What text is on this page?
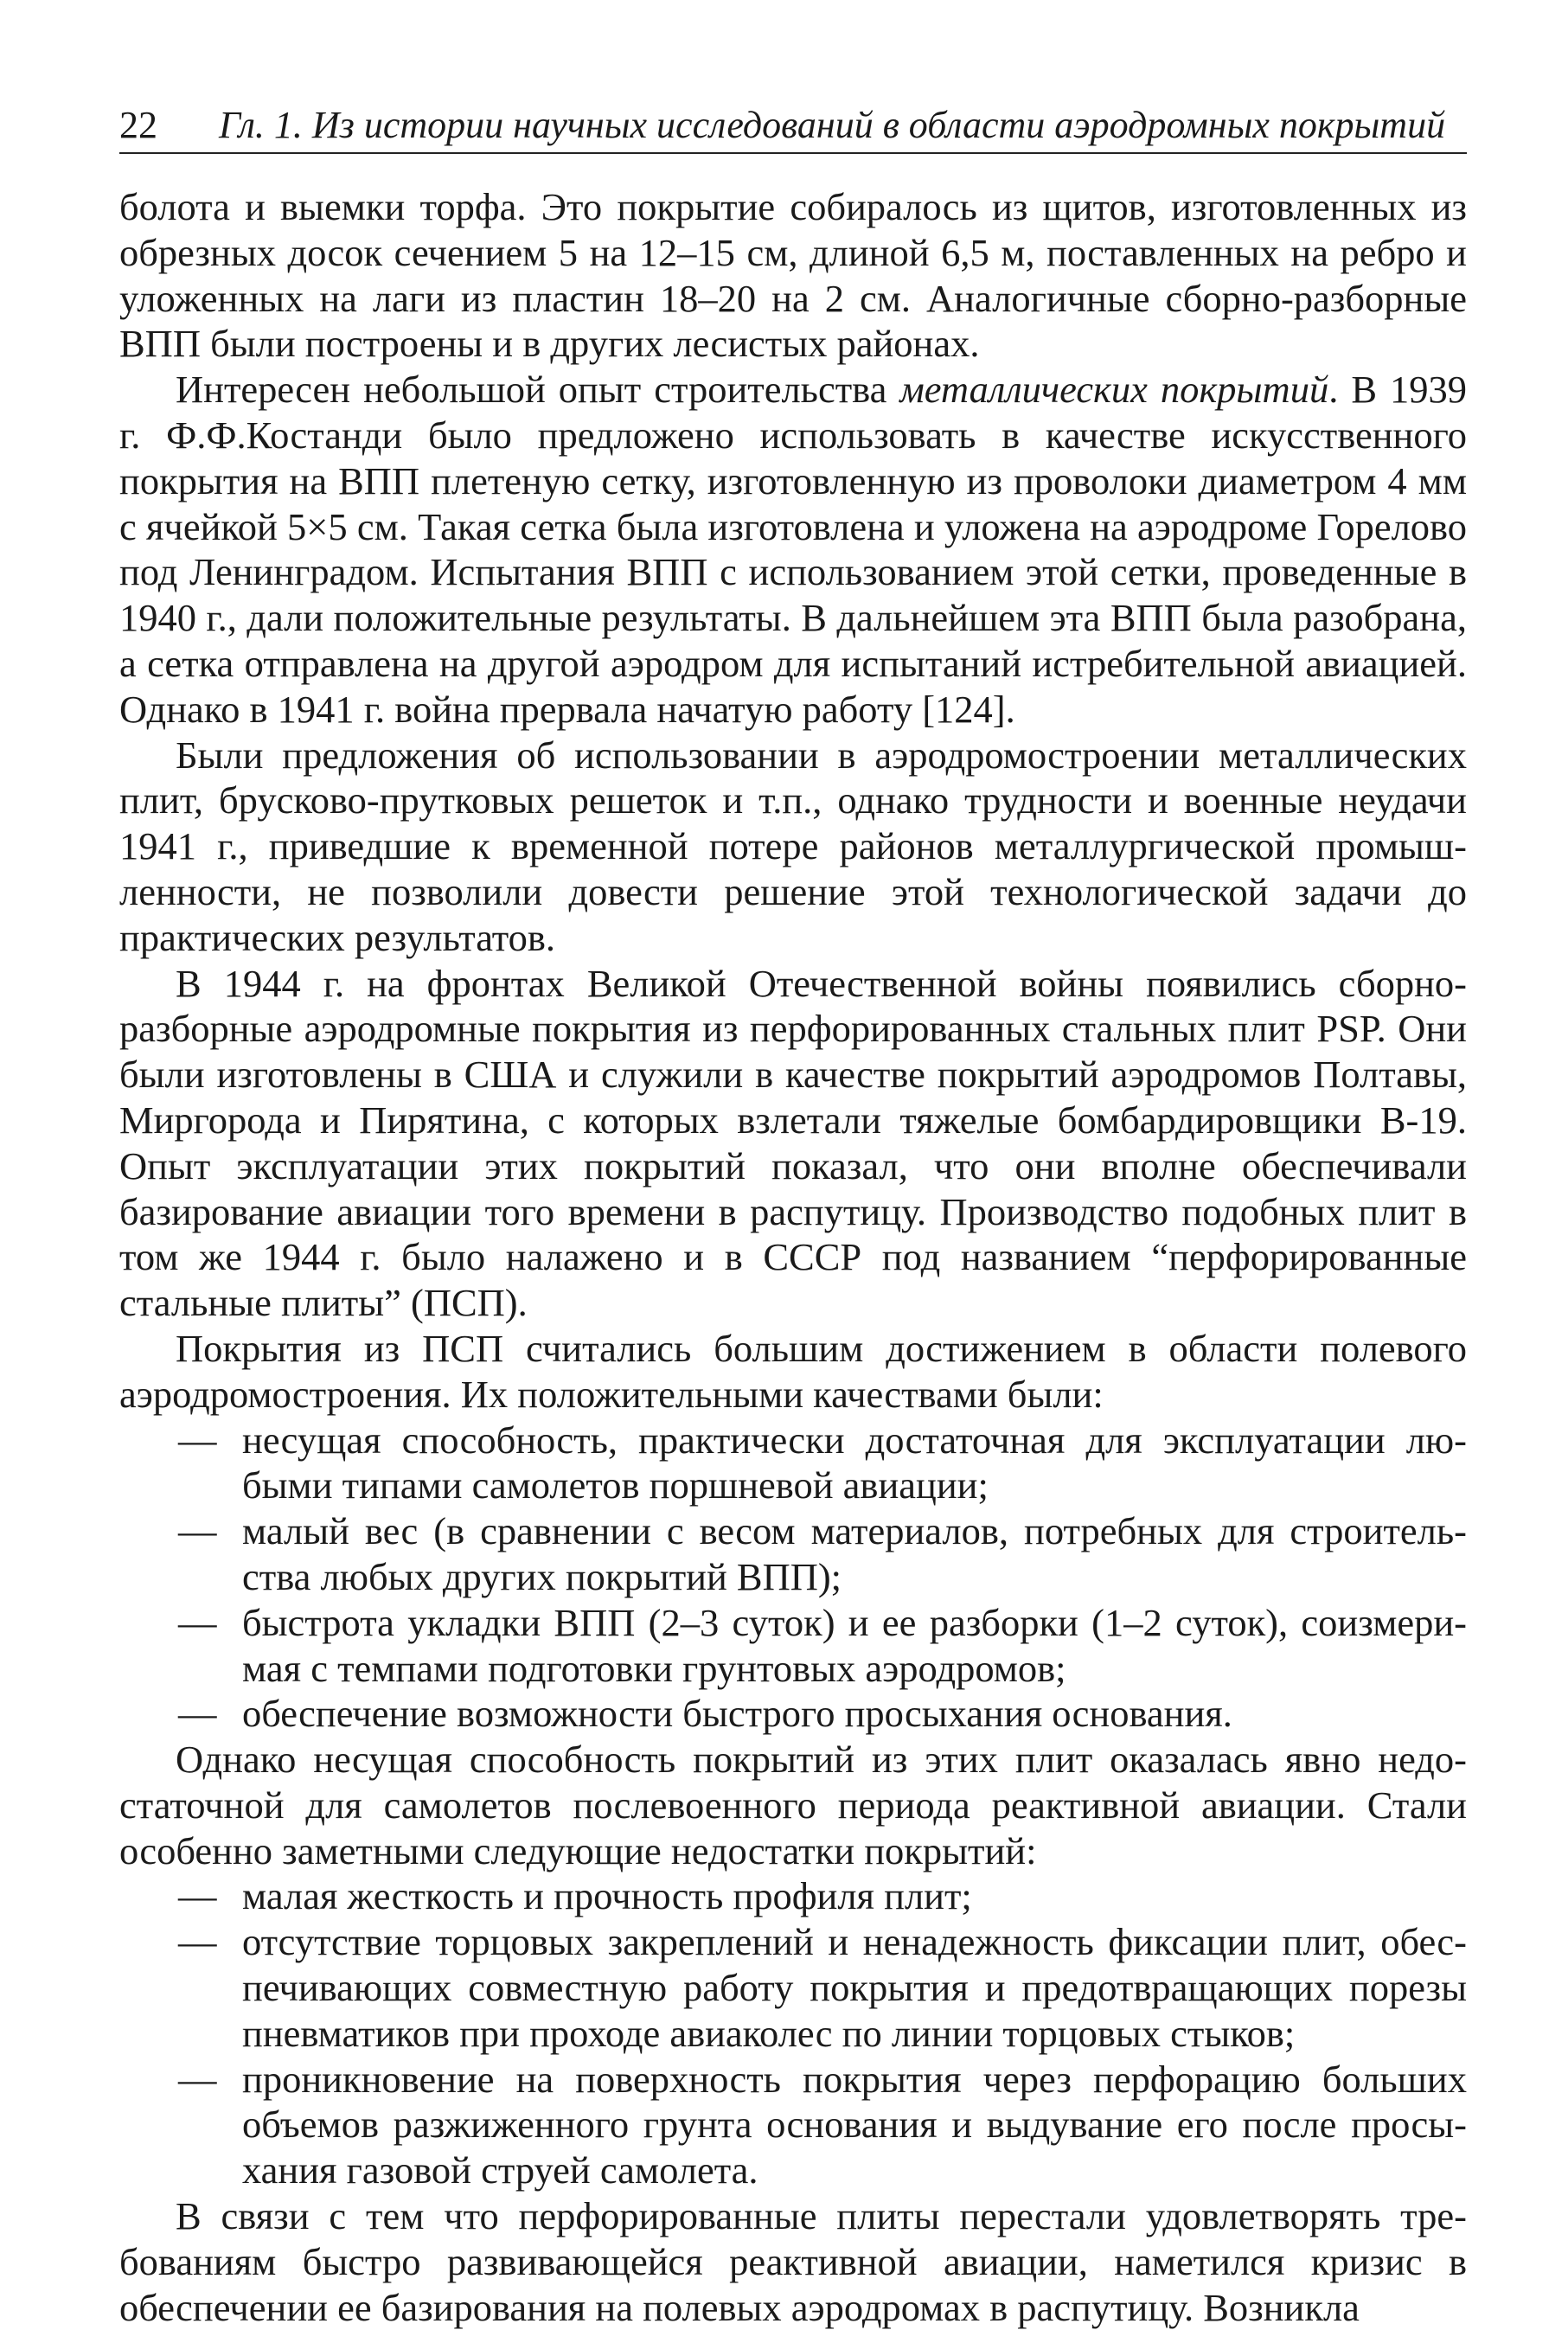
22 Гл. 1. Из истории научных исследований в области аэродромных покрытий

болота и выемки торфа. Это покрытие собиралось из щитов, изготовленных из обрезных досок сечением 5 на 12–15 см, длиной 6,5 м, поставленных на ребро и уложенных на лаги из пластин 18–20 на 2 см. Аналогичные сборно-разборные ВПП были построены и в других лесистых районах.

Интересен небольшой опыт строительства металлических покрытий. В 1939 г. Ф.Ф.Костанди было предложено использовать в качестве искусственного покрытия на ВПП плетеную сетку, изготовленную из проволоки диаметром 4 мм с ячейкой 5×5 см. Такая сетка была изготовлена и уложена на аэродроме Горелово под Ленинградом. Испытания ВПП с использованием этой сетки, проведенные в 1940 г., дали положительные результаты. В дальнейшем эта ВПП была разобрана, а сетка отправлена на другой аэродром для испытаний истребительной авиацией. Однако в 1941 г. война прервала начатую работу [124].

Были предложения об использовании в аэродромостроении металлических плит, брусково-прутковых решеток и т.п., однако трудности и военные неудачи 1941 г., приведшие к временной потере районов металлургической промышленности, не позволили довести решение этой технологической задачи до практических результатов.

В 1944 г. на фронтах Великой Отечественной войны появились сборно-разборные аэродромные покрытия из перфорированных стальных плит PSP. Они были изготовлены в США и служили в качестве покрытий аэродромов Полтавы, Миргорода и Пирятина, с которых взлетали тяжелые бомбардировщики B-19. Опыт эксплуатации этих покрытий показал, что они вполне обеспечивали базирование авиации того времени в распутицу. Производство подобных плит в том же 1944 г. было налажено и в СССР под названием “перфорированные стальные плиты” (ПСП).

Покрытия из ПСП считались большим достижением в области полевого аэродромостроения. Их положительными качествами были:

— несущая способность, практически достаточная для эксплуатации любыми типами самолетов поршневой авиации;
— малый вес (в сравнении с весом материалов, потребных для строительства любых других покрытий ВПП);
— быстрота укладки ВПП (2–3 суток) и ее разборки (1–2 суток), соизмеримая с темпами подготовки грунтовых аэродромов;
— обеспечение возможности быстрого просыхания основания.

Однако несущая способность покрытий из этих плит оказалась явно недостаточной для самолетов послевоенного периода реактивной авиации. Стали особенно заметными следующие недостатки покрытий:

— малая жесткость и прочность профиля плит;
— отсутствие торцовых закреплений и ненадежность фиксации плит, обеспечивающих совместную работу покрытия и предотвращающих порезы пневматиков при проходе авиаколес по линии торцовых стыков;
— проникновение на поверхность покрытия через перфорацию больших объемов разжиженного грунта основания и выдувание его после просыхания газовой струей самолета.

В связи с тем что перфорированные плиты перестали удовлетворять требованиям быстро развивающейся реактивной авиации, наметился кризис в обеспечении ее базирования на полевых аэродромах в распутицу. Возникла
